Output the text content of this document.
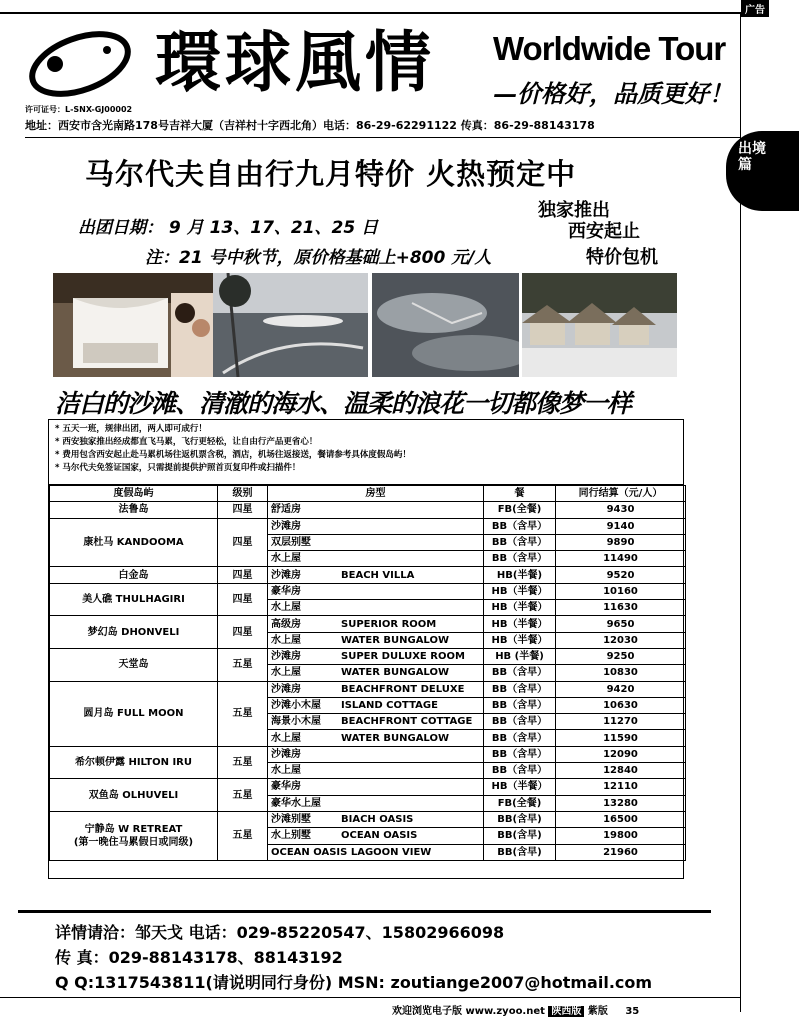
广告
環球風情 Worldwide Tour
—价格好，品质更好！
许可证号：L-SNX-GJ00002
地址：西安市含光南路178号吉祥大厦（吉祥村十字西北角）电话：86-29-62291122 传真：86-29-88143178
出境
篇
马尔代夫自由行九月特价 火热预定中
出团日期： 9 月 13、17、21、25 日
注：21 号中秋节，原价格基础上+800 元/人
独家推出
西安起止
特价包机
洁白的沙滩、清澈的海水、温柔的浪花一切都像梦一样
* 五天一班，规律出团，两人即可成行！
* 西安独家推出经成都直飞马累，飞行更轻松，让自由行产品更省心！
* 费用包含西安起止赴马累机场往返机票含税，酒店，机场往返接送，餐请参考具体度假岛屿！
* 马尔代夫免签证国家，只需提前提供护照首页复印件或扫描件！
度假岛屿	级别	房型	餐	同行结算（元/人）
法鲁岛	四星	舒适房	FB(全餐)	9430
康杜马 KANDOOMA	四星	沙滩房	BB（含早）	9140
		双层别墅	BB（含早）	9890
		水上屋	BB（含早）	11490
白金岛	四星	沙滩房 BEACH VILLA	HB(半餐)	9520
美人礁 THULHAGIRI	四星	豪华房	HB（半餐）	10160
		水上屋	HB（半餐）	11630
梦幻岛 DHONVELI	四星	高级房 SUPERIOR ROOM	HB（半餐）	9650
		水上屋 WATER BUNGALOW	HB（半餐）	12030
天堂岛	五星	沙滩房 SUPER DULUXE ROOM	HB (半餐)	9250
		水上屋 WATER BUNGALOW	BB（含早）	10830
圆月岛 FULL MOON	五星	沙滩房 BEACHFRONT DELUXE	BB（含早）	9420
		沙滩小木屋 ISLAND COTTAGE	BB（含早）	10630
		海景小木屋 BEACHFRONT COTTAGE	BB（含早）	11270
		水上屋 WATER BUNGALOW	BB（含早）	11590
希尔顿伊露 HILTON IRU	五星	沙滩房	BB（含早）	12090
		水上屋	BB（含早）	12840
双鱼岛 OLHUVELI	五星	豪华房	HB（半餐）	12110
		豪华水上屋	FB(全餐)	13280
宁静岛 W RETREAT
(第一晚住马累假日或同级)	五星	沙滩别墅 BIACH OASIS	BB(含早)	16500
		水上别墅 OCEAN OASIS	BB(含早)	19800
		OCEAN OASIS LAGOON VIEW	BB(含早)	21960
详情请洽：邹天戈 电话：029-85220547、15802966098
传 真：029-88143178、88143192
Q Q:1317543811(请说明同行身份) MSN: zoutiange2007@hotmail.com
欢迎浏览电子版 www.zyoo.net 陕西版 紫版 35
